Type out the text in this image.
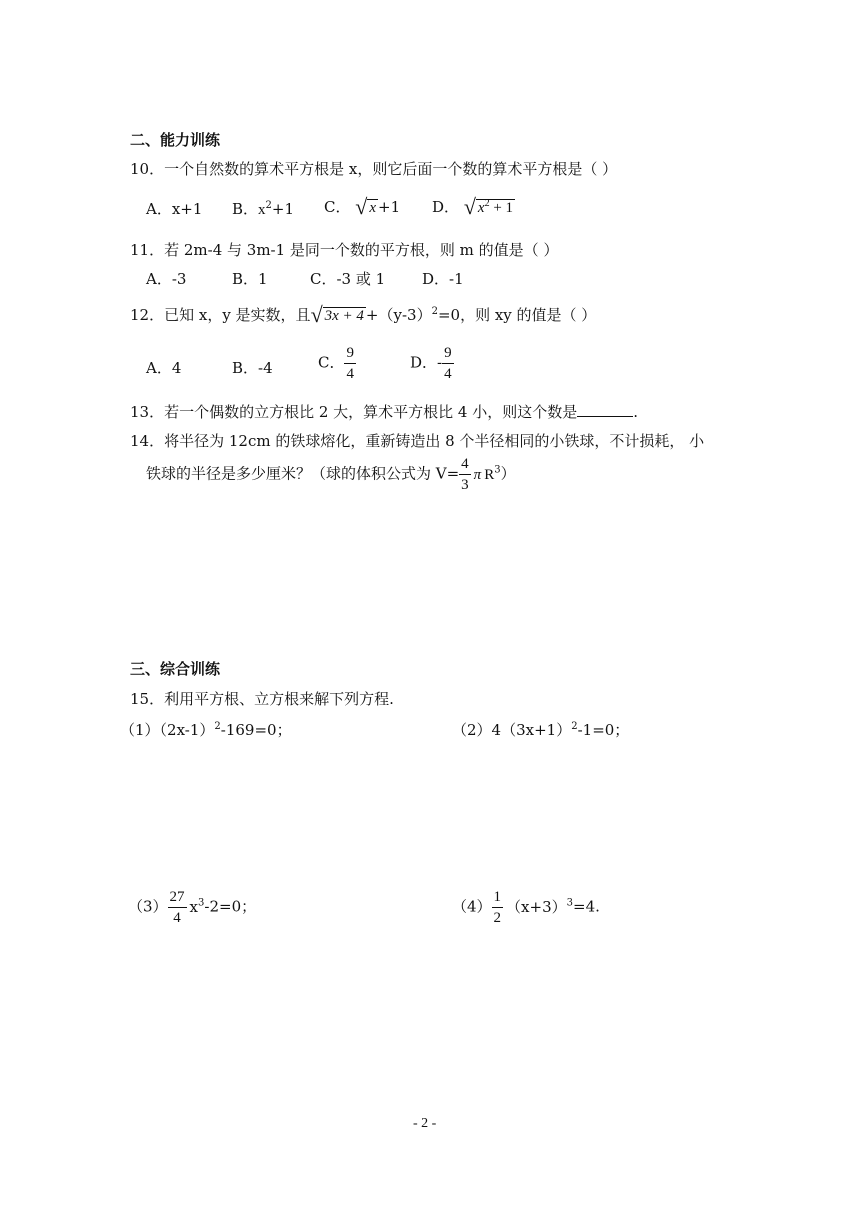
二、能力训练
10．一个自然数的算术平方根是 x，则它后面一个数的算术平方根是（ ）
A．x+1 B．$x^2+1$ C． √ x +1 D． √ $x^2 + 1$
11．若 2m-4 与 3m-1 是同一个数的平方根，则 m 的值是（ ）
A．-3	B．1	C．-3 或 1 D．-1
12．已知 x，y 是实数，且√ $3x + 4 +(y-3)^2=0$，则 xy 的值是（ ）
A．4	B．-4	C． $\frac{9}{4}$	D．- $\frac{9}{4}$
13．若一个偶数的立方根比 2 大，算术平方根比 4 小，则这个数是	.
14．将半径为 12cm 的铁球熔化，重新铸造出 8 个半径相同的小铁球，不计损耗， 小
铁球的半径是多少厘米？（球的体积公式为 $V= \frac{4}{3}$ π $R^3$）
三、综合训练
15．利用平方根、立方根来解下列方程.
$(1)(2x-1)^2-169=0$；	$(2)4(3x+1)^2-1=0$；
$(3) \frac{27}{4} x^3-2=0$；	$(4) \frac{1}{2} (x+3)^3=4$.
- 2 -
